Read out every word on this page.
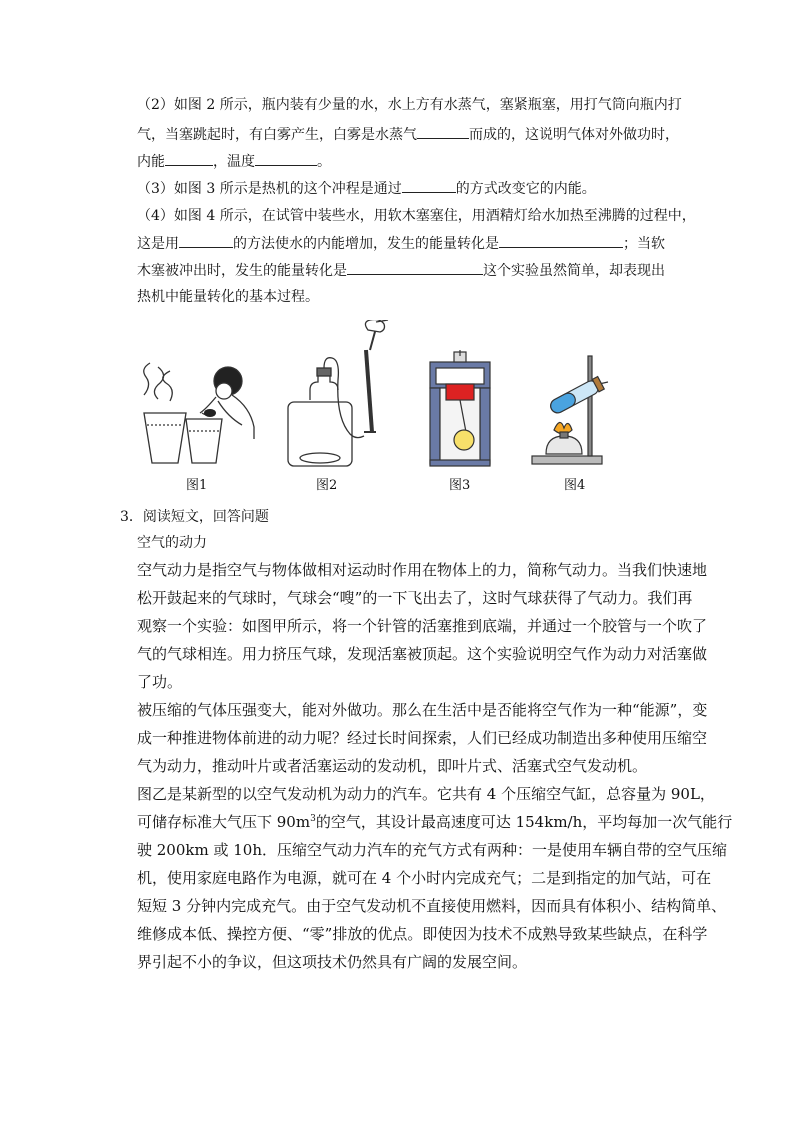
（2）如图 2 所示，瓶内装有少量的水，水上方有水蒸气，塞紧瓶塞，用打气筒向瓶内打
气，当塞跳起时，有白雾产生，白雾是水蒸气	而成的，这说明气体对外做功时，
内能	，温度	。
（3）如图 3 所示是热机的这个冲程是通过	的方式改变它的内能。
（4）如图 4 所示，在试管中装些水，用软木塞塞住，用酒精灯给水加热至沸腾的过程中，
这是用	的方法使水的内能增加，发生的能量转化是	；当软
木塞被冲出时，发生的能量转化是	这个实验虽然简单，却表现出
热机中能量转化的基本过程。
图1	图2	图3	图4
3．阅读短文，回答问题
空气的动力
空气动力是指空气与物体做相对运动时作用在物体上的力，简称气动力。当我们快速地
松开鼓起来的气球时，气球会“嗖”的一下飞出去了，这时气球获得了气动力。我们再
观察一个实验：如图甲所示，将一个针管的活塞推到底端，并通过一个胶管与一个吹了
气的气球相连。用力挤压气球，发现活塞被顶起。这个实验说明空气作为动力对活塞做
了功。
被压缩的气体压强变大，能对外做功。那么在生活中是否能将空气作为一种“能源”，变
成一种推进物体前进的动力呢？经过长时间探索，人们已经成功制造出多种使用压缩空
气为动力，推动叶片或者活塞运动的发动机，即叶片式、活塞式空气发动机。
图乙是某新型的以空气发动机为动力的汽车。它共有 4 个压缩空气缸，总容量为 90L，
可储存标准大气压下 $90m^3$的空气，其设计最高速度可达 154km/h，平均每加一次气能行
驶 200km 或 10h．压缩空气动力汽车的充气方式有两种：一是使用车辆自带的空气压缩
机，使用家庭电路作为电源，就可在 4 个小时内完成充气；二是到指定的加气站，可在
短短 3 分钟内完成充气。由于空气发动机不直接使用燃料，因而具有体积小、结构简单、
维修成本低、操控方便、“零”排放的优点。即使因为技术不成熟导致某些缺点，在科学
界引起不小的争议，但这项技术仍然具有广阔的发展空间。
